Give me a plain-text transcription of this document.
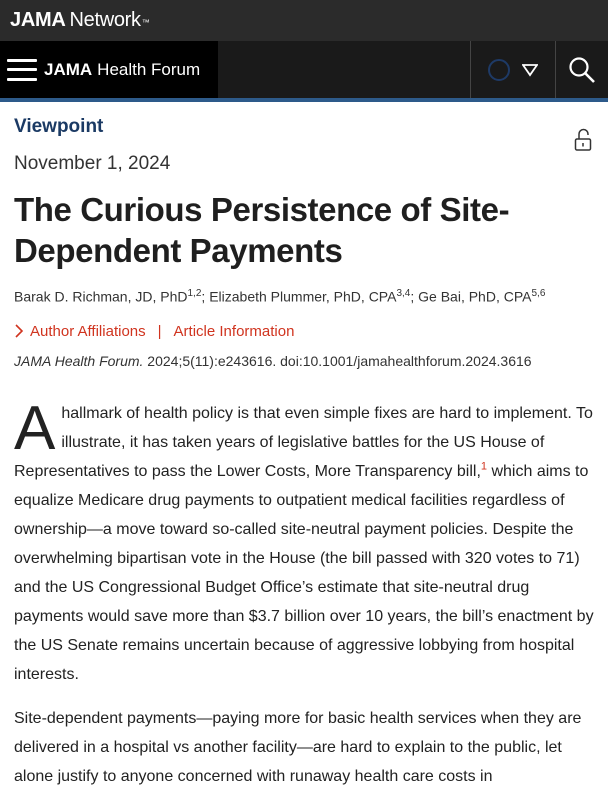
JAMA Network™
JAMA Health Forum
Viewpoint
November 1, 2024
The Curious Persistence of Site-Dependent Payments
Barak D. Richman, JD, PhD$^{1,2}$; Elizabeth Plummer, PhD, CPA$^{3,4}$; Ge Bai, PhD, CPA$^{5,6}$
Author Affiliations | Article Information
JAMA Health Forum. 2024;5(11):e243616. doi:10.1001/jamahealthforum.2024.3616

Ahallmark of health policy is that even simple fixes are hard to implement. To illustrate, it has taken years of legislative battles for the US House of Representatives to pass the Lower Costs, More Transparency bill,$^1$ which aims to equalize Medicare drug payments to outpatient medical facilities regardless of ownership—a move toward so-called site-neutral payment policies. Despite the overwhelming bipartisan vote in the House (the bill passed with 320 votes to 71) and the US Congressional Budget Office’s estimate that site-neutral drug payments would save more than $3.7 billion over 10 years, the bill’s enactment by the US Senate remains uncertain because of aggressive lobbying from hospital interests.

Site-dependent payments—paying more for basic health services when they are delivered in a hospital vs another facility—are hard to explain to the public, let alone justify to anyone concerned with runaway health care costs in
